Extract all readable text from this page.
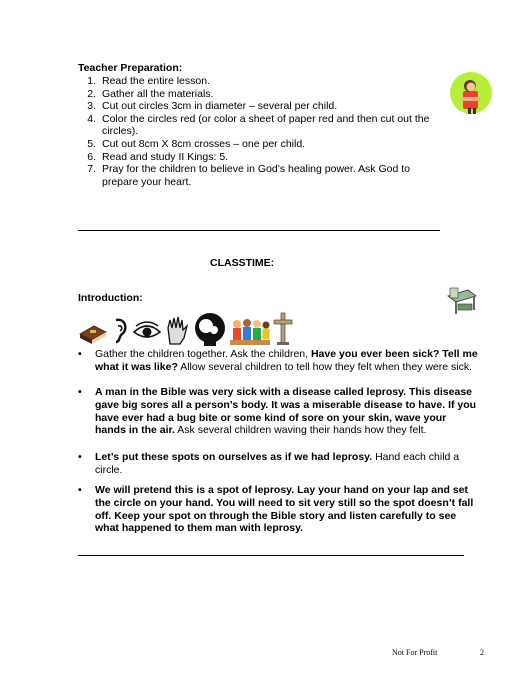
Teacher Preparation:
1. Read the entire lesson.
2. Gather all the materials.
3. Cut out circles 3cm in diameter – several per child.
4. Color the circles red (or color a sheet of paper red and then cut out the circles).
5. Cut out 8cm X 8cm crosses – one per child.
6. Read and study II Kings: 5.
7. Pray for the children to believe in God’s healing power. Ask God to prepare your heart.
CLASSTIME:
Introduction:
•	Gather the children together. Ask the children, Have you ever been sick? Tell me what it was like? Allow several children to tell how they felt when they were sick.
•	A man in the Bible was very sick with a disease called leprosy. This disease gave big sores all a person’s body. It was a miserable disease to have. If you have ever had a bug bite or some kind of sore on your skin, wave your hands in the air. Ask several children waving their hands how they felt.
•	Let’s put these spots on ourselves as if we had leprosy. Hand each child a circle.
•	We will pretend this is a spot of leprosy. Lay your hand on your lap and set the circle on your hand. You will need to sit very still so the spot doesn’t fall off. Keep your spot on through the Bible story and listen carefully to see what happened to them man with leprosy.
Not For Profit	2
